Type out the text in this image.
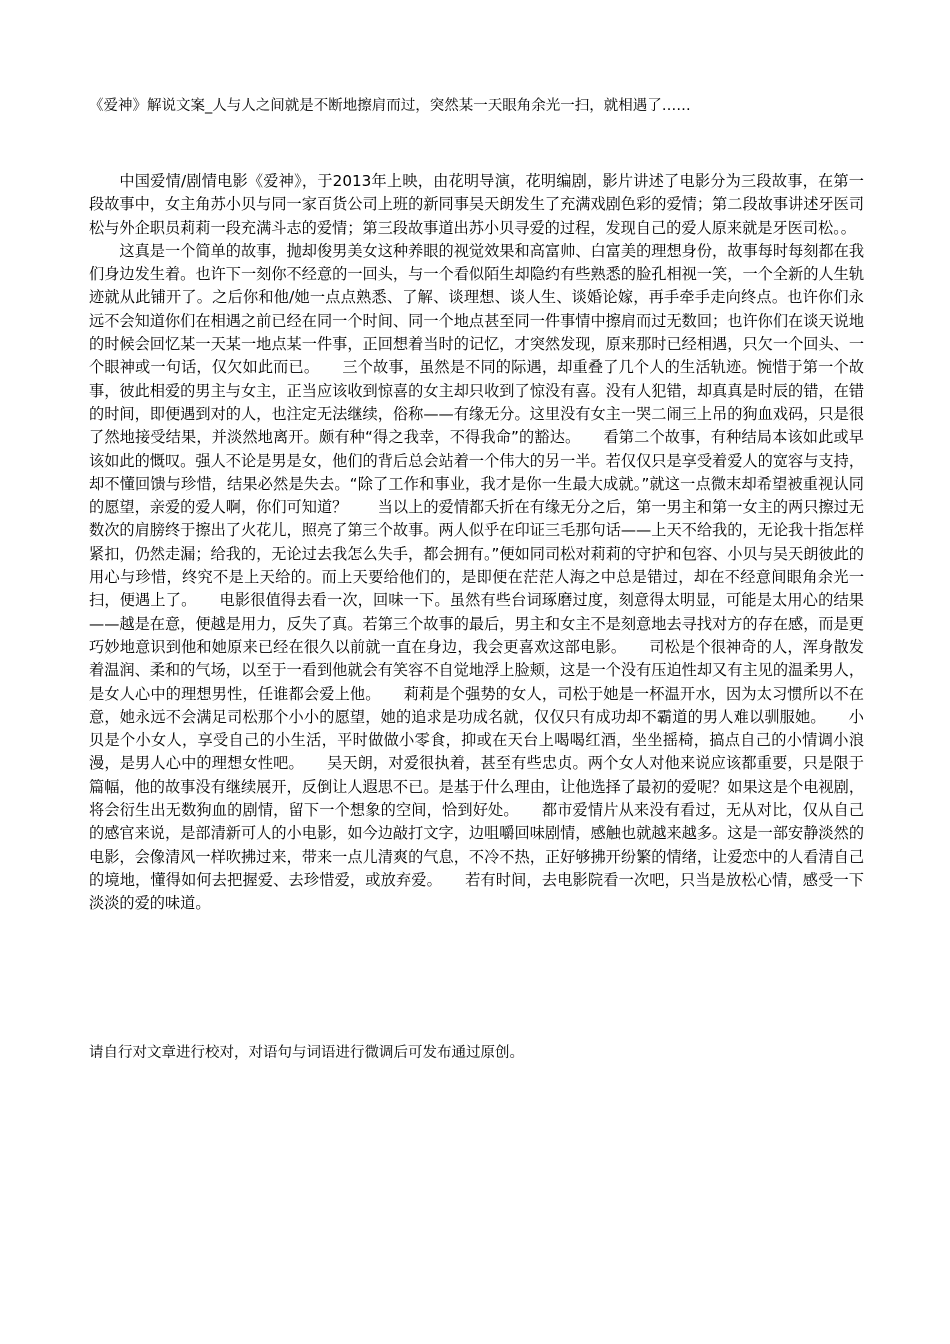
《爱神》解说文案_人与人之间就是不断地擦肩而过，突然某一天眼角余光一扫，就相遇了……

中国爱情/剧情电影《爱神》，于2013年上映，由花明导演，花明编剧，影片讲述了电影分为三段故事，在第一段故事中，女主角苏小贝与同一家百货公司上班的新同事吴天朗发生了充满戏剧色彩的爱情；第二段故事讲述牙医司松与外企职员莉莉一段充满斗志的爱情；第三段故事道出苏小贝寻爱的过程，发现自己的爱人原来就是牙医司松。。

这真是一个简单的故事，抛却俊男美女这种养眼的视觉效果和高富帅、白富美的理想身份，故事每时每刻都在我们身边发生着。也许下一刻你不经意的一回头，与一个看似陌生却隐约有些熟悉的脸孔相视一笑，一个全新的人生轨迹就从此铺开了。之后你和他/她一点点熟悉、了解、谈理想、谈人生、谈婚论嫁，再手牵手走向终点。也许你们永远不会知道你们在相遇之前已经在同一个时间、同一个地点甚至同一件事情中擦肩而过无数回；也许你们在谈天说地的时候会回忆某一天某一地点某一件事，正回想着当时的记忆，才突然发现，原来那时已经相遇，只欠一个回头、一个眼神或一句话，仅欠如此而已。　　三个故事，虽然是不同的际遇，却重叠了几个人的生活轨迹。惋惜于第一个故事，彼此相爱的男主与女主，正当应该收到惊喜的女主却只收到了惊没有喜。没有人犯错，却真真是时辰的错，在错的时间，即便遇到对的人，也注定无法继续，俗称——有缘无分。这里没有女主一哭二闹三上吊的狗血戏码，只是很了然地接受结果，并淡然地离开。颇有种“得之我幸，不得我命”的豁达。　　看第二个故事，有种结局本该如此或早该如此的慨叹。强人不论是男是女，他们的背后总会站着一个伟大的另一半。若仅仅只是享受着爱人的宽容与支持，却不懂回馈与珍惜，结果必然是失去。“除了工作和事业，我才是你一生最大成就。”就这一点微末却希望被重视认同的愿望，亲爱的爱人啊，你们可知道？　　当以上的爱情都夭折在有缘无分之后，第一男主和第一女主的两只擦过无数次的肩膀终于擦出了火花儿，照亮了第三个故事。两人似乎在印证三毛那句话——上天不给我的，无论我十指怎样紧扣，仍然走漏；给我的，无论过去我怎么失手，都会拥有。”便如同司松对莉莉的守护和包容、小贝与吴天朗彼此的用心与珍惜，终究不是上天给的。而上天要给他们的，是即便在茫茫人海之中总是错过，却在不经意间眼角余光一扫，便遇上了。　　电影很值得去看一次，回味一下。虽然有些台词琢磨过度，刻意得太明显，可能是太用心的结果——越是在意，便越是用力，反失了真。若第三个故事的最后，男主和女主不是刻意地去寻找对方的存在感，而是更巧妙地意识到他和她原来已经在很久以前就一直在身边，我会更喜欢这部电影。　　司松是个很神奇的人，浑身散发着温润、柔和的气场，以至于一看到他就会有笑容不自觉地浮上脸颊，这是一个没有压迫性却又有主见的温柔男人，是女人心中的理想男性，任谁都会爱上他。　　莉莉是个强势的女人，司松于她是一杯温开水，因为太习惯所以不在意，她永远不会满足司松那个小小的愿望，她的追求是功成名就，仅仅只有成功却不霸道的男人难以驯服她。　　小贝是个小女人，享受自己的小生活，平时做做小零食，抑或在天台上喝喝红酒，坐坐摇椅，搞点自己的小情调小浪漫，是男人心中的理想女性吧。　　吴天朗，对爱很执着，甚至有些忠贞。两个女人对他来说应该都重要，只是限于篇幅，他的故事没有继续展开，反倒让人遐思不已。是基于什么理由，让他选择了最初的爱呢？如果这是个电视剧，将会衍生出无数狗血的剧情，留下一个想象的空间，恰到好处。　　都市爱情片从来没有看过，无从对比，仅从自己的感官来说，是部清新可人的小电影，如今边敲打文字，边咀嚼回味剧情，感触也就越来越多。这是一部安静淡然的电影，会像清风一样吹拂过来，带来一点儿清爽的气息，不冷不热，正好够拂开纷繁的情绪，让爱恋中的人看清自己的境地，懂得如何去把握爱、去珍惜爱，或放弃爱。　　若有时间，去电影院看一次吧，只当是放松心情，感受一下淡淡的爱的味道。

请自行对文章进行校对，对语句与词语进行微调后可发布通过原创。
